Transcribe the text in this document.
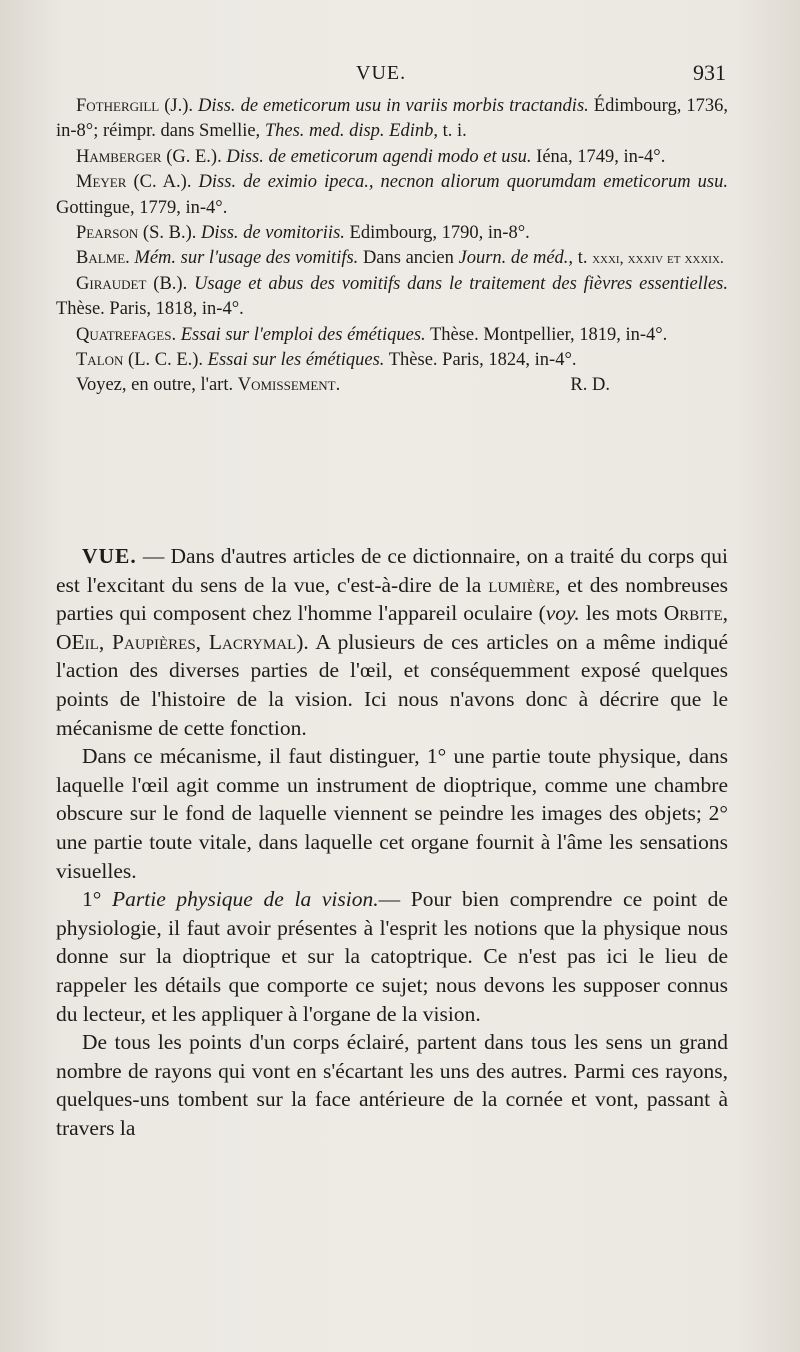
VUE.	931

Fothergill (J.). Diss. de emeticorum usu in variis morbis tractandis. Édimbourg, 1736, in-8°; réimpr. dans Smellie, Thes. med. disp. Edinb, t. i.

Hamberger (G. E.). Diss. de emeticorum agendi modo et usu. Iéna, 1749, in-4°.

Meyer (C. A.). Diss. de eximio ipeca., necnon aliorum quorumdam emeticorum usu. Gottingue, 1779, in-4°.

Pearson (S. B.). Diss. de vomitoriis. Edimbourg, 1790, in-8°.

Balme. Mém. sur l'usage des vomitifs. Dans ancien Journ. de méd., t. xxxi, xxxiv et xxxix.

Giraudet (B.). Usage et abus des vomitifs dans le traitement des fièvres essentielles. Thèse. Paris, 1818, in-4°.

Quatrefages. Essai sur l'emploi des émétiques. Thèse. Montpellier, 1819, in-4°.

Talon (L. C. E.). Essai sur les émétiques. Thèse. Paris, 1824, in-4°.

Voyez, en outre, l'art. Vomissement.	R. D.

VUE. — Dans d'autres articles de ce dictionnaire, on a traité du corps qui est l'excitant du sens de la vue, c'est-à-dire de la lumière, et des nombreuses parties qui composent chez l'homme l'appareil oculaire (voy. les mots Orbite, OEil, Paupières, Lacrymal). A plusieurs de ces articles on a même indiqué l'action des diverses parties de l'œil, et conséquemment exposé quelques points de l'histoire de la vision. Ici nous n'avons donc à décrire que le mécanisme de cette fonction.

Dans ce mécanisme, il faut distinguer, 1° une partie toute physique, dans laquelle l'œil agit comme un instrument de dioptrique, comme une chambre obscure sur le fond de laquelle viennent se peindre les images des objets; 2° une partie toute vitale, dans laquelle cet organe fournit à l'âme les sensations visuelles.

1° Partie physique de la vision.— Pour bien comprendre ce point de physiologie, il faut avoir présentes à l'esprit les notions que la physique nous donne sur la dioptrique et sur la catoptrique. Ce n'est pas ici le lieu de rappeler les détails que comporte ce sujet; nous devons les supposer connus du lecteur, et les appliquer à l'organe de la vision.

De tous les points d'un corps éclairé, partent dans tous les sens un grand nombre de rayons qui vont en s'écartant les uns des autres. Parmi ces rayons, quelques-uns tombent sur la face antérieure de la cornée et vont, passant à travers la
